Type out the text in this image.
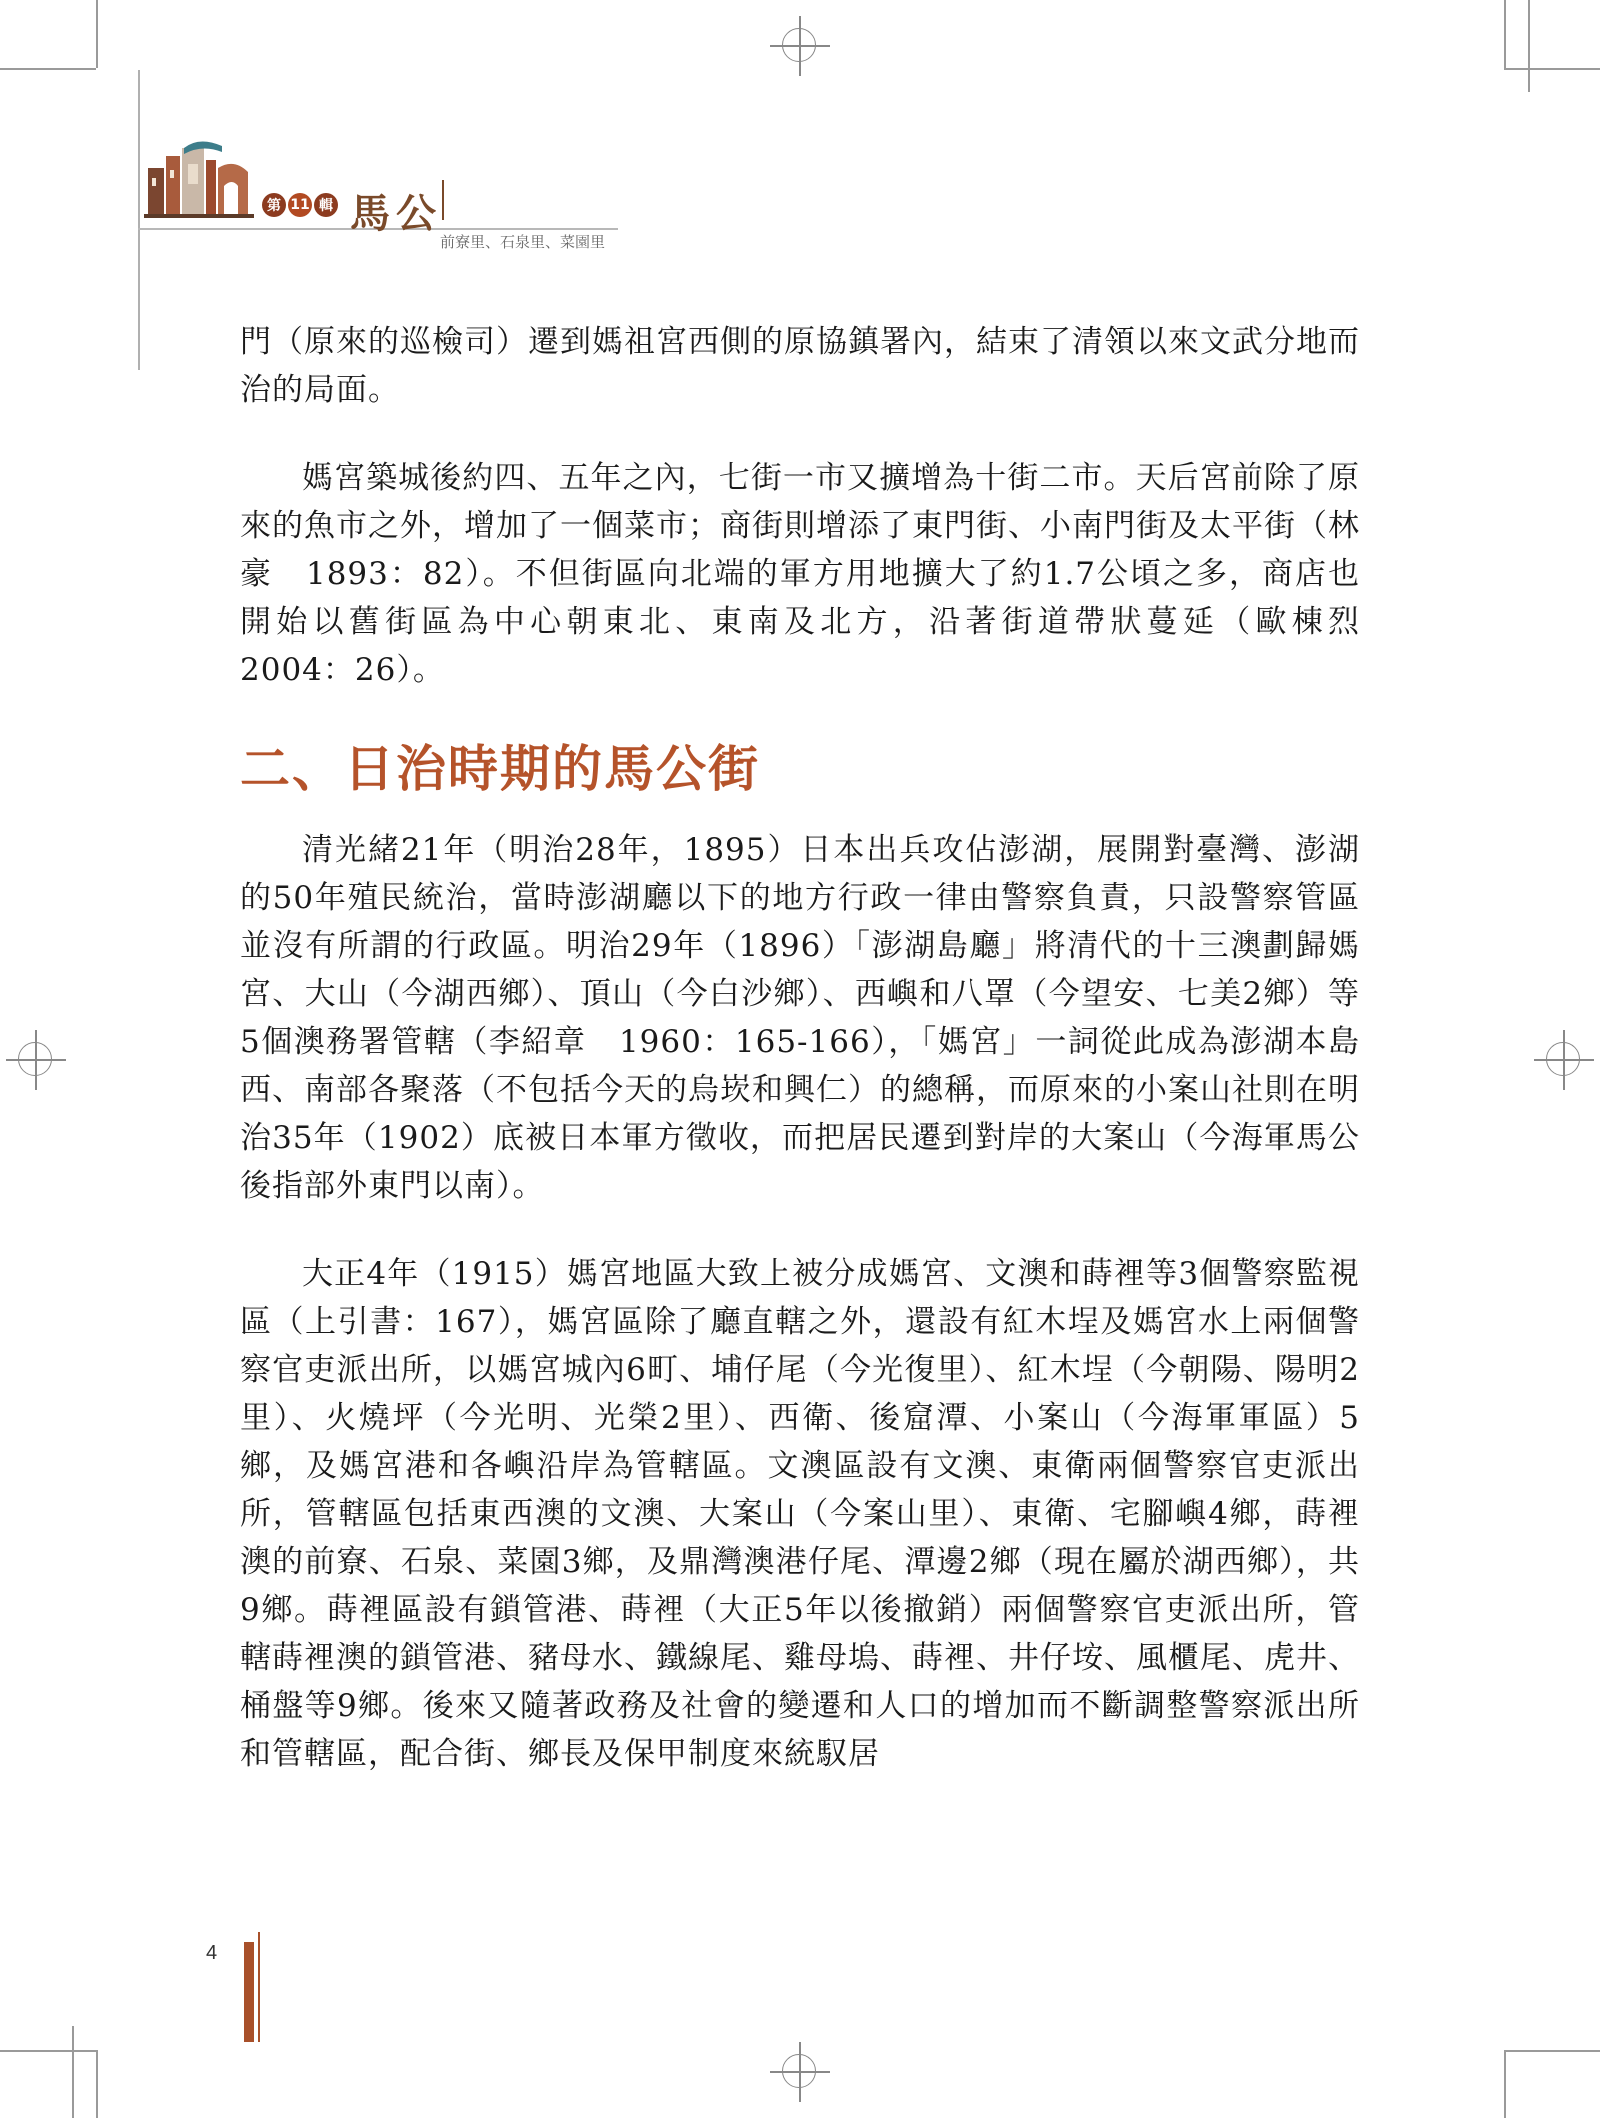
第 11 輯 馬公
前寮里、石泉里、菜園里

門（原來的巡檢司）遷到媽祖宮西側的原協鎮署內，結束了清領以來文武分地而治的局面。

媽宮築城後約四、五年之內，七街一市又擴增為十街二市。天后宮前除了原來的魚市之外，增加了一個菜市；商街則增添了東門街、小南門街及太平街（林豪　1893：82）。不但街區向北端的軍方用地擴大了約1.7公頃之多，商店也開始以舊街區為中心朝東北、東南及北方，沿著街道帶狀蔓延（歐棟烈　2004：26）。

二、日治時期的馬公街

清光緒21年（明治28年，1895）日本出兵攻佔澎湖，展開對臺灣、澎湖的50年殖民統治，當時澎湖廳以下的地方行政一律由警察負責，只設警察管區並沒有所謂的行政區。明治29年（1896）「澎湖島廳」將清代的十三澳劃歸媽宮、大山（今湖西鄉）、頂山（今白沙鄉）、西嶼和八罩（今望安、七美2鄉）等5個澳務署管轄（李紹章　1960：165-166），「媽宮」一詞從此成為澎湖本島西、南部各聚落（不包括今天的烏崁和興仁）的總稱，而原來的小案山社則在明治35年（1902）底被日本軍方徵收，而把居民遷到對岸的大案山（今海軍馬公後指部外東門以南）。

大正4年（1915）媽宮地區大致上被分成媽宮、文澳和蒔裡等3個警察監視區（上引書：167），媽宮區除了廳直轄之外，還設有紅木埕及媽宮水上兩個警察官吏派出所，以媽宮城內6町、埔仔尾（今光復里）、紅木埕（今朝陽、陽明2里）、火燒坪（今光明、光榮2里）、西衛、後窟潭、小案山（今海軍軍區）5鄉，及媽宮港和各嶼沿岸為管轄區。文澳區設有文澳、東衛兩個警察官吏派出所，管轄區包括東西澳的文澳、大案山（今案山里）、東衛、宅腳嶼4鄉，蒔裡澳的前寮、石泉、菜園3鄉，及鼎灣澳港仔尾、潭邊2鄉（現在屬於湖西鄉），共9鄉。蒔裡區設有鎖管港、蒔裡（大正5年以後撤銷）兩個警察官吏派出所，管轄蒔裡澳的鎖管港、豬母水、鐵線尾、雞母塢、蒔裡、井仔垵、風櫃尾、虎井、桶盤等9鄉。後來又隨著政務及社會的變遷和人口的增加而不斷調整警察派出所和管轄區，配合街、鄉長及保甲制度來統馭居

4
